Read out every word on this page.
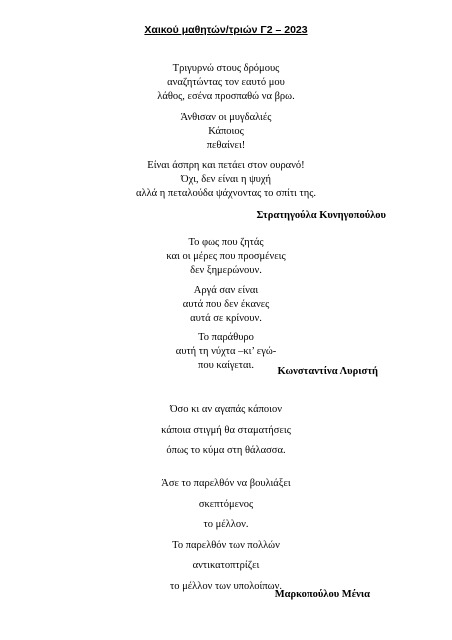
Χαικού μαθητών/τριών Γ2 – 2023
Τριγυρνώ στους δρόμους
αναζητώντας τον εαυτό μου
λάθος, εσένα προσπαθώ να βρω.
Άνθισαν οι μυγδαλιές
Κάποιος
πεθαίνει!
Είναι άσπρη και πετάει στον ουρανό!
Όχι, δεν είναι η ψυχή
αλλά η πεταλούδα ψάχνοντας το σπίτι της.
Στρατηγούλα Κυνηγοπούλου
Το φως που ζητάς
και οι μέρες που προσμένεις
δεν ξημερώνουν.
Αργά σαν είναι
αυτά που δεν έκανες
αυτά σε κρίνουν.
Το παράθυρο
αυτή τη νύχτα –κι’ εγώ-
που καίγεται.
Κωνσταντίνα Λυριστή
Όσο κι αν αγαπάς κάποιον
κάποια στιγμή θα σταματήσεις
όπως το κύμα στη θάλασσα.
Άσε το παρελθόν να βουλιάξει
σκεπτόμενος
το μέλλον.
Το παρελθόν των πολλών
αντικατοπτρίζει
το μέλλον των υπολοίπων.
Μαρκοπούλου Μένια
